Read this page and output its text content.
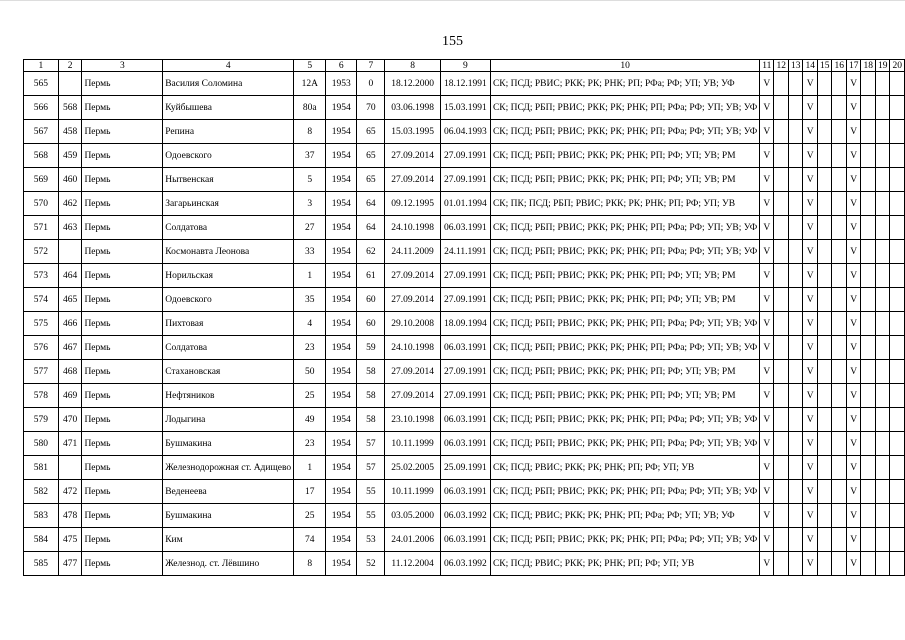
155
1	2	3	4	5	6	7	8	9	10	11	12	13	14	15	16	17	18	19	20
565		Пермь	Василия Соломина	12А	1953	0	18.12.2000	18.12.1991	СК; ПСД; РВИС; РКК; РК; РНК; РП; РФа; РФ; УП; УВ; УФ	V			V			V			
566	568	Пермь	Куйбышева	80а	1954	70	03.06.1998	15.03.1991	СК; ПСД; РБП; РВИС; РКК; РК; РНК; РП; РФа; РФ; УП; УВ; УФ	V			V			V			
567	458	Пермь	Репина	8	1954	65	15.03.1995	06.04.1993	СК; ПСД; РБП; РВИС; РКК; РК; РНК; РП; РФа; РФ; УП; УВ; УФ	V			V			V			
568	459	Пермь	Одоевского	37	1954	65	27.09.2014	27.09.1991	СК; ПСД; РБП; РВИС; РКК; РК; РНК; РП; РФ; УП; УВ; РМ	V			V			V			
569	460	Пермь	Нытвенская	5	1954	65	27.09.2014	27.09.1991	СК; ПСД; РБП; РВИС; РКК; РК; РНК; РП; РФ; УП; УВ; РМ	V			V			V			
570	462	Пермь	Загарьинская	3	1954	64	09.12.1995	01.01.1994	СК; ПК; ПСД; РБП; РВИС; РКК; РК; РНК; РП; РФ; УП; УВ	V			V			V			
571	463	Пермь	Солдатова	27	1954	64	24.10.1998	06.03.1991	СК; ПСД; РБП; РВИС; РКК; РК; РНК; РП; РФа; РФ; УП; УВ; УФ	V			V			V			
572		Пермь	Космонавта Леонова	33	1954	62	24.11.2009	24.11.1991	СК; ПСД; РБП; РВИС; РКК; РК; РНК; РП; РФа; РФ; УП; УВ; УФ	V			V			V			
573	464	Пермь	Норильская	1	1954	61	27.09.2014	27.09.1991	СК; ПСД; РБП; РВИС; РКК; РК; РНК; РП; РФ; УП; УВ; РМ	V			V			V			
574	465	Пермь	Одоевского	35	1954	60	27.09.2014	27.09.1991	СК; ПСД; РБП; РВИС; РКК; РК; РНК; РП; РФ; УП; УВ; РМ	V			V			V			
575	466	Пермь	Пихтовая	4	1954	60	29.10.2008	18.09.1994	СК; ПСД; РБП; РВИС; РКК; РК; РНК; РП; РФа; РФ; УП; УВ; УФ	V			V			V			
576	467	Пермь	Солдатова	23	1954	59	24.10.1998	06.03.1991	СК; ПСД; РБП; РВИС; РКК; РК; РНК; РП; РФа; РФ; УП; УВ; УФ	V			V			V			
577	468	Пермь	Стахановская	50	1954	58	27.09.2014	27.09.1991	СК; ПСД; РБП; РВИС; РКК; РК; РНК; РП; РФ; УП; УВ; РМ	V			V			V			
578	469	Пермь	Нефтяников	25	1954	58	27.09.2014	27.09.1991	СК; ПСД; РБП; РВИС; РКК; РК; РНК; РП; РФ; УП; УВ; РМ	V			V			V			
579	470	Пермь	Лодыгина	49	1954	58	23.10.1998	06.03.1991	СК; ПСД; РБП; РВИС; РКК; РК; РНК; РП; РФа; РФ; УП; УВ; УФ	V			V			V			
580	471	Пермь	Бушмакина	23	1954	57	10.11.1999	06.03.1991	СК; ПСД; РБП; РВИС; РКК; РК; РНК; РП; РФа; РФ; УП; УВ; УФ	V			V			V			
581		Пермь	Железнодорожная ст. Адищево	1	1954	57	25.02.2005	25.09.1991	СК; ПСД; РВИС; РКК; РК; РНК; РП; РФ; УП; УВ	V			V			V			
582	472	Пермь	Веденеева	17	1954	55	10.11.1999	06.03.1991	СК; ПСД; РБП; РВИС; РКК; РК; РНК; РП; РФа; РФ; УП; УВ; УФ	V			V			V			
583	478	Пермь	Бушмакина	25	1954	55	03.05.2000	06.03.1992	СК; ПСД; РВИС; РКК; РК; РНК; РП; РФа; РФ; УП; УВ; УФ	V			V			V			
584	475	Пермь	Ким	74	1954	53	24.01.2006	06.03.1991	СК; ПСД; РБП; РВИС; РКК; РК; РНК; РП; РФа; РФ; УП; УВ; УФ	V			V			V			
585	477	Пермь	Железнод. ст. Лёвшино	8	1954	52	11.12.2004	06.03.1992	СК; ПСД; РВИС; РКК; РК; РНК; РП; РФ; УП; УВ	V			V			V			
